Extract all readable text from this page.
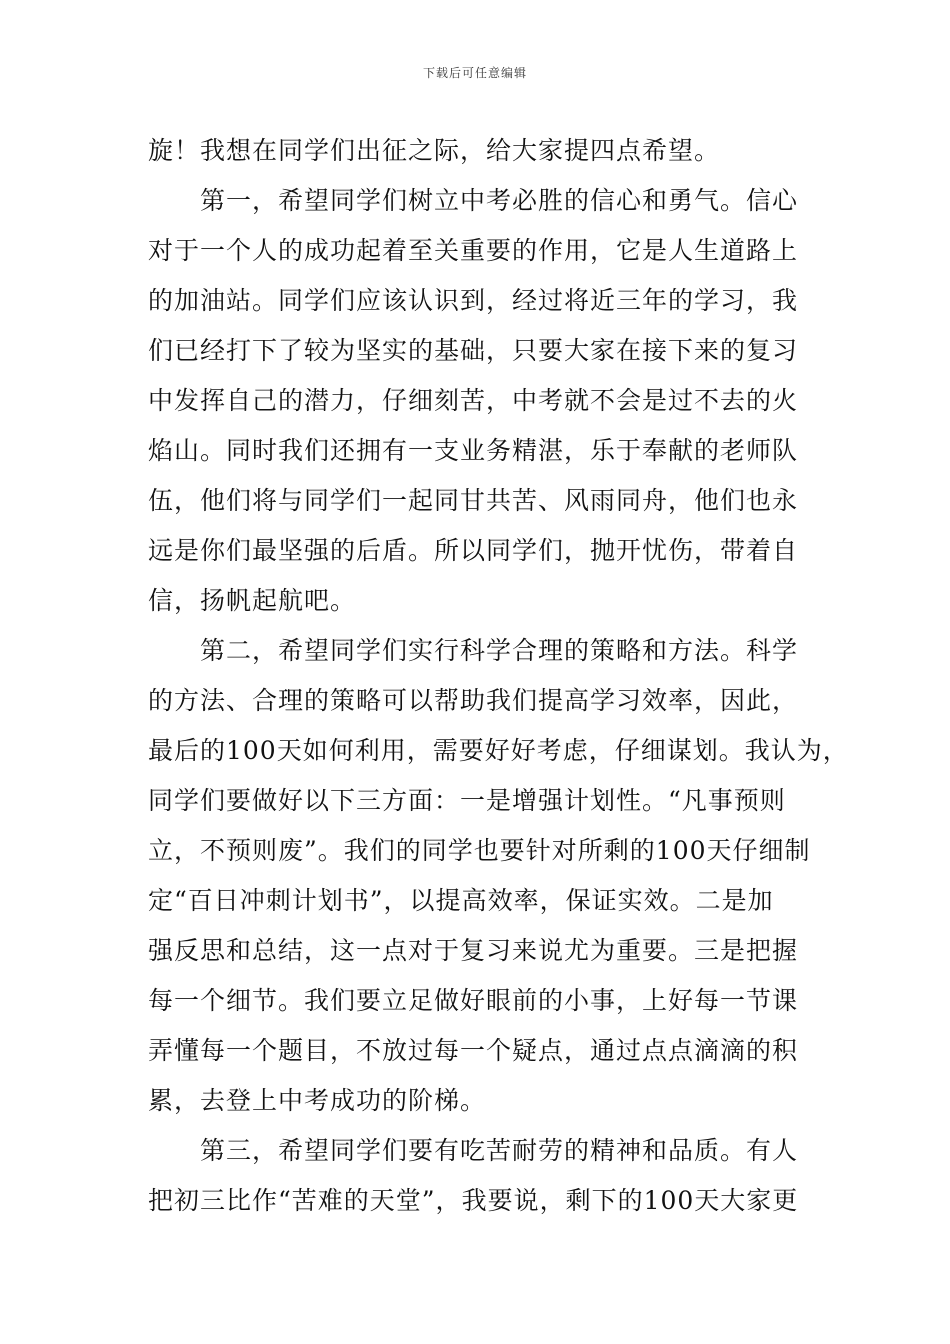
下载后可任意编辑
旋！我想在同学们出征之际，给大家提四点希望。
第一，希望同学们树立中考必胜的信心和勇气。信心
对于一个人的成功起着至关重要的作用，它是人生道路上
的加油站。同学们应该认识到，经过将近三年的学习，我
们已经打下了较为坚实的基础，只要大家在接下来的复习
中发挥自己的潜力，仔细刻苦，中考就不会是过不去的火
焰山。同时我们还拥有一支业务精湛，乐于奉献的老师队
伍，他们将与同学们一起同甘共苦、风雨同舟，他们也永
远是你们最坚强的后盾。所以同学们，抛开忧伤，带着自
信，扬帆起航吧。
第二，希望同学们实行科学合理的策略和方法。科学
的方法、合理的策略可以帮助我们提高学习效率，因此，
最后的100天如何利用，需要好好考虑，仔细谋划。我认为，
同学们要做好以下三方面：一是增强计划性。“凡事预则
立，不预则废”。我们的同学也要针对所剩的100天仔细制
定“百日冲刺计划书”，以提高效率，保证实效。二是加
强反思和总结，这一点对于复习来说尤为重要。三是把握
每一个细节。我们要立足做好眼前的小事，上好每一节课
弄懂每一个题目，不放过每一个疑点，通过点点滴滴的积
累，去登上中考成功的阶梯。
第三，希望同学们要有吃苦耐劳的精神和品质。有人
把初三比作“苦难的天堂”，我要说，剩下的100天大家更
